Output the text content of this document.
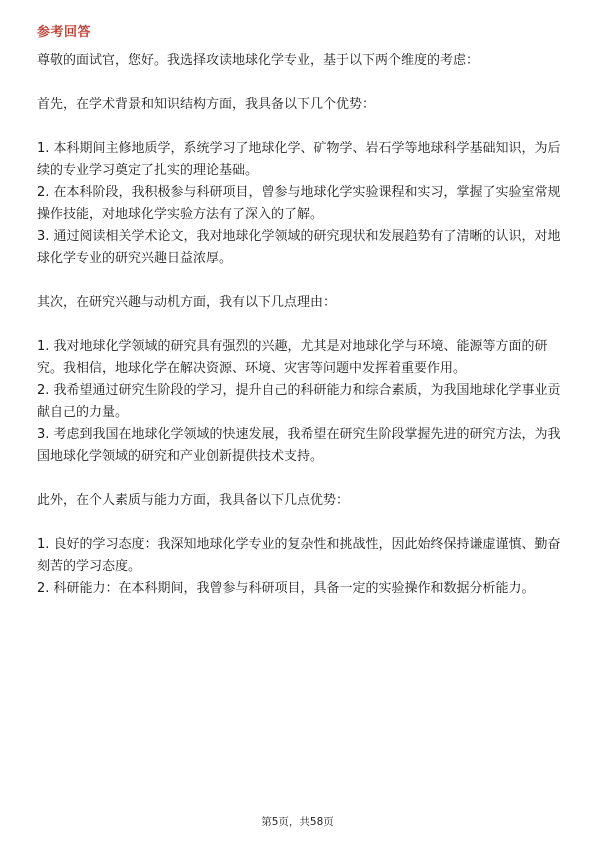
参考回答

尊敬的面试官，您好。我选择攻读地球化学专业，基于以下两个维度的考虑：

首先，在学术背景和知识结构方面，我具备以下几个优势：

1. 本科期间主修地质学，系统学习了地球化学、矿物学、岩石学等地球科学基础知识，为后续的专业学习奠定了扎实的理论基础。

2. 在本科阶段，我积极参与科研项目，曾参与地球化学实验课程和实习，掌握了实验室常规操作技能，对地球化学实验方法有了深入的了解。

3. 通过阅读相关学术论文，我对地球化学领域的研究现状和发展趋势有了清晰的认识，对地球化学专业的研究兴趣日益浓厚。

其次，在研究兴趣与动机方面，我有以下几点理由：

1. 我对地球化学领域的研究具有强烈的兴趣，尤其是对地球化学与环境、能源等方面的研究。我相信，地球化学在解决资源、环境、灾害等问题中发挥着重要作用。

2. 我希望通过研究生阶段的学习，提升自己的科研能力和综合素质，为我国地球化学事业贡献自己的力量。

3. 考虑到我国在地球化学领域的快速发展，我希望在研究生阶段掌握先进的研究方法，为我国地球化学领域的研究和产业创新提供技术支持。

此外，在个人素质与能力方面，我具备以下几点优势：

1. 良好的学习态度：我深知地球化学专业的复杂性和挑战性，因此始终保持谦虚谨慎、勤奋刻苦的学习态度。

2. 科研能力：在本科期间，我曾参与科研项目，具备一定的实验操作和数据分析能力。

第5页，共58页
